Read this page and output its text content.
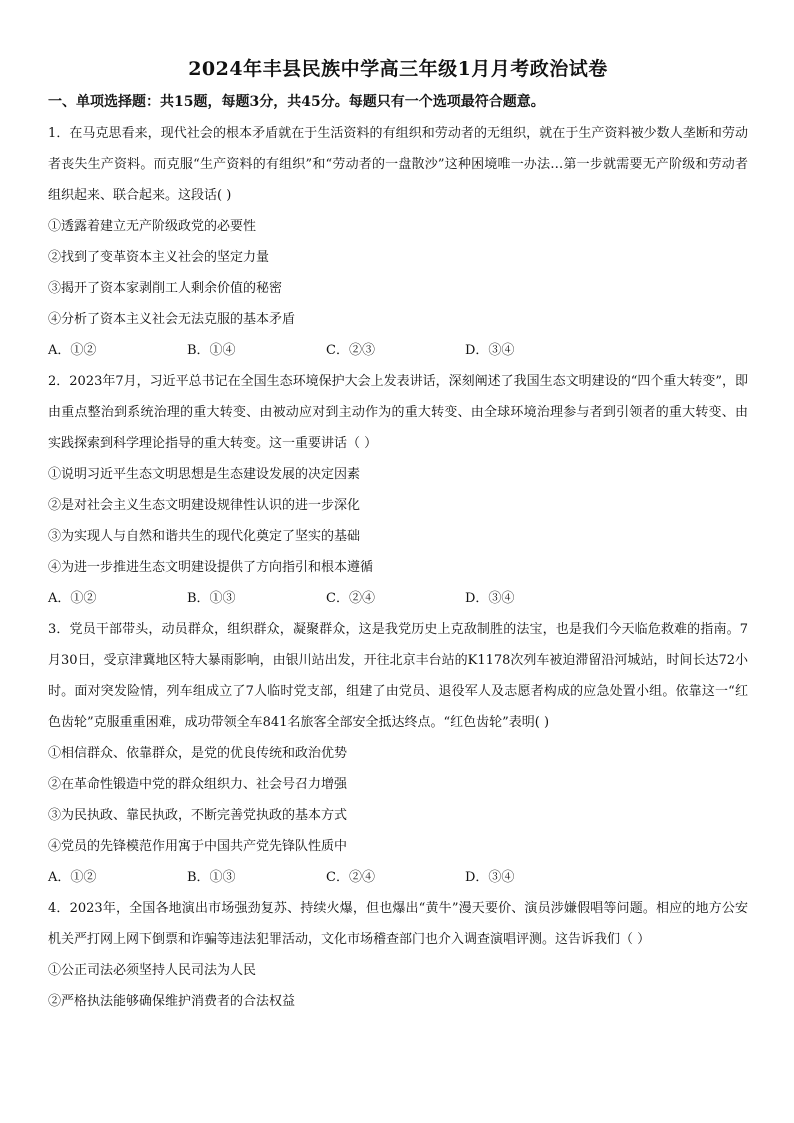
2024年丰县民族中学高三年级1月月考政治试卷
一、单项选择题：共15题，每题3分，共45分。每题只有一个选项最符合题意。

1．在马克思看来，现代社会的根本矛盾就在于生活资料的有组织和劳动者的无组织，就在于生产资料被少数人垄断和劳动者丧失生产资料。而克服“生产资料的有组织”和“劳动者的一盘散沙”这种困境唯一办法…第一步就需要无产阶级和劳动者组织起来、联合起来。这段话( )

①透露着建立无产阶级政党的必要性

②找到了变革资本主义社会的坚定力量

③揭开了资本家剥削工人剩余价值的秘密

④分析了资本主义社会无法克服的基本矛盾

A．①②	B．①④	C．②③	D．③④

2．2023年7月，习近平总书记在全国生态环境保护大会上发表讲话，深刻阐述了我国生态文明建设的“四个重大转变”，即由重点整治到系统治理的重大转变、由被动应对到主动作为的重大转变、由全球环境治理参与者到引领者的重大转变、由实践探索到科学理论指导的重大转变。这一重要讲话（ ）

①说明习近平生态文明思想是生态建设发展的决定因素

②是对社会主义生态文明建设规律性认识的进一步深化

③为实现人与自然和谐共生的现代化奠定了坚实的基础

④为进一步推进生态文明建设提供了方向指引和根本遵循

A．①②	B．①③	C．②④	D．③④

3．党员干部带头，动员群众，组织群众，凝聚群众，这是我党历史上克敌制胜的法宝，也是我们今天临危救难的指南。7月30日，受京津冀地区特大暴雨影响，由银川站出发，开往北京丰台站的K1178次列车被迫滞留沿河城站，时间长达72小时。面对突发险情，列车组成立了7人临时党支部，组建了由党员、退役军人及志愿者构成的应急处置小组。依靠这一“红色齿轮”克服重重困难，成功带领全车841名旅客全部安全抵达终点。“红色齿轮”表明( )

①相信群众、依靠群众，是党的优良传统和政治优势

②在革命性锻造中党的群众组织力、社会号召力增强

③为民执政、靠民执政，不断完善党执政的基本方式

④党员的先锋模范作用寓于中国共产党先锋队性质中

A．①②	B．①③	C．②④	D．③④

4．2023年，全国各地演出市场强劲复苏、持续火爆，但也爆出“黄牛”漫天要价、演员涉嫌假唱等问题。相应的地方公安机关严打网上网下倒票和诈骗等违法犯罪活动，文化市场稽查部门也介入调查演唱评测。这告诉我们（ ）

①公正司法必须坚持人民司法为人民

②严格执法能够确保维护消费者的合法权益
